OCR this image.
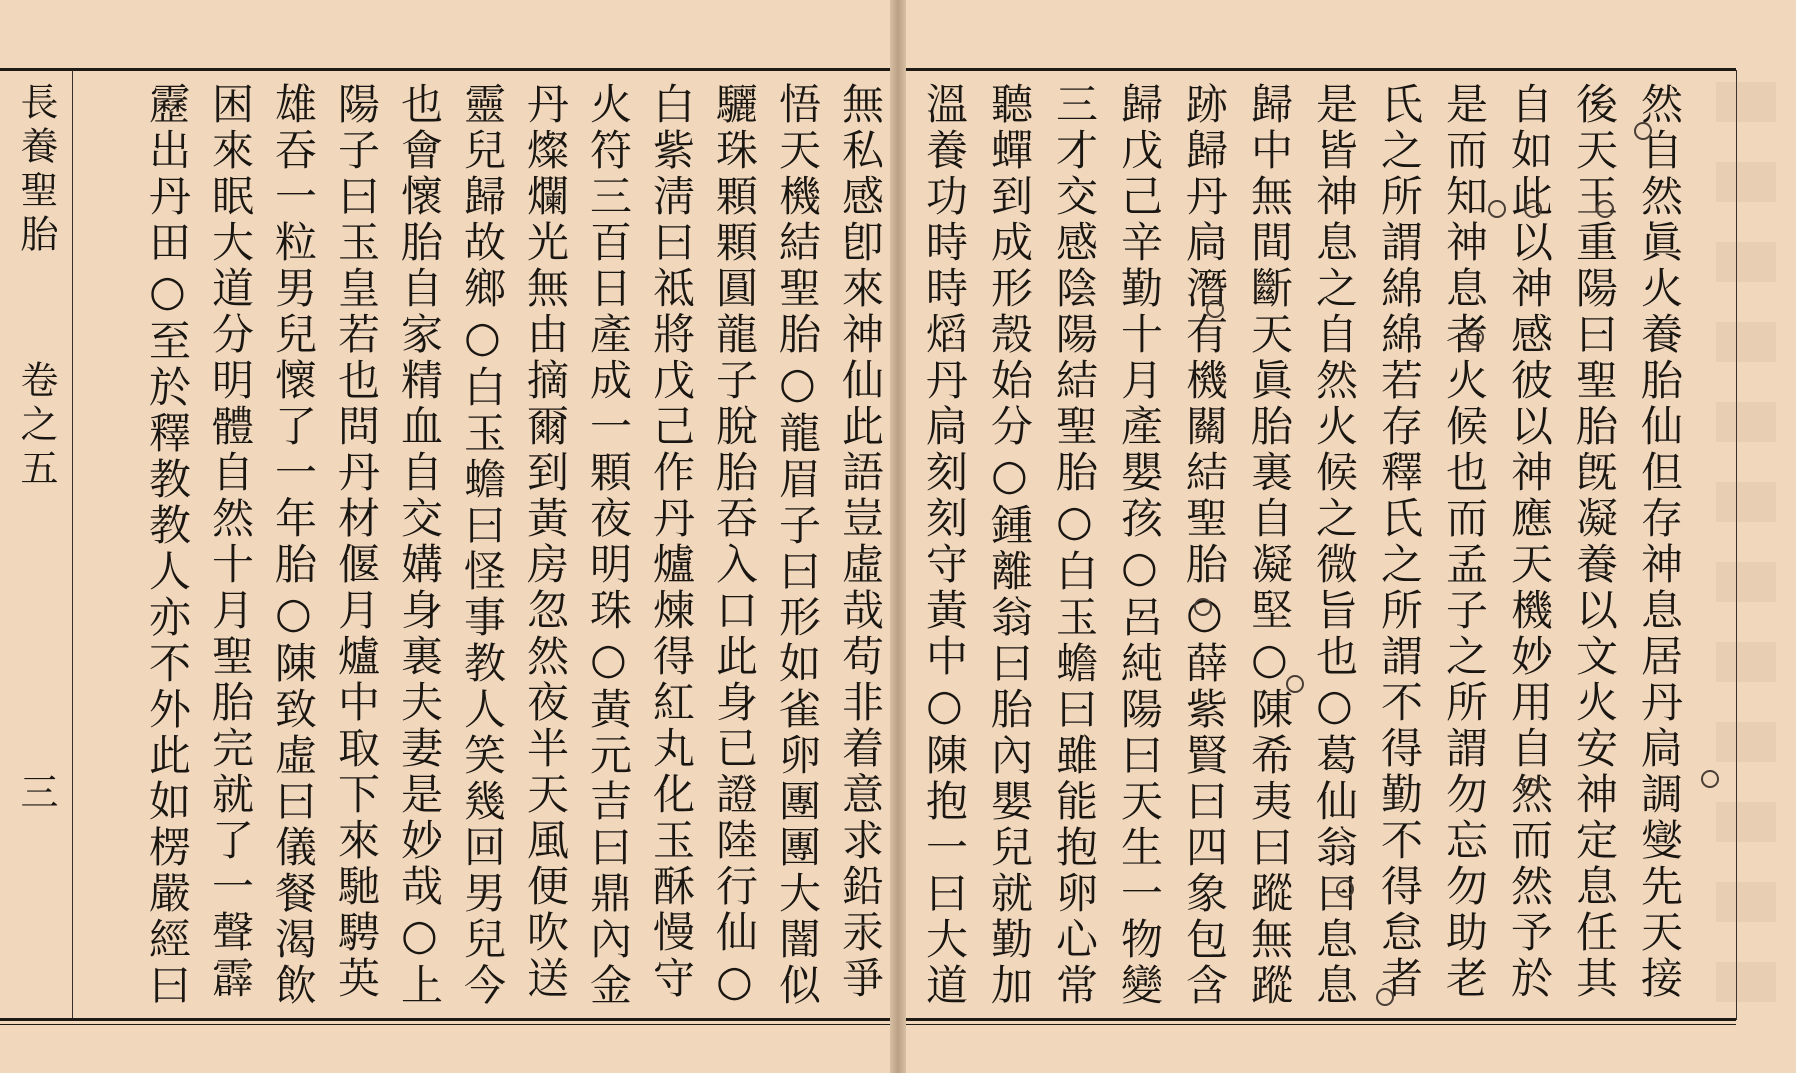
長養聖胎
卷之五
三	無私感卽來神仙此語豈虛哉苟非着意求鉛汞爭
悟天機結聖胎○龍眉子曰形如雀卵團團大闇似
驪珠顆顆圓龍子脫胎吞入口此身已證陸行仙○
白紫淸曰祗將戊己作丹爐煉得紅丸化玉酥慢守
火符三百日產成一顆夜明珠○黃元吉曰鼎內金
丹燦爛光無由摘爾到黃房忽然夜半天風便吹送
靈兒歸故鄉○白玉蟾曰怪事教人笑幾回男兒今
也會懷胎自家精血自交媾身裏夫妻是妙哉○上
陽子曰玉皇若也問丹材偃月爐中取下來馳騁英
雄吞一粒男兒懷了一年胎○陳致虛曰儀餐渴飲
困來眠大道分明體自然十月聖胎完就了一聲霹
靂出丹田○至於釋教教人亦不外此如楞嚴經曰	溫養功時時熖丹扃刻刻守黃中○陳抱一曰大道 聽蟬到成形殼始分○鍾離翁曰胎內嬰兒就勤加 三才交感陰陽結聖胎○白玉蟾曰雖能抱卵心常 歸戊己辛勤十月產嬰孩○呂純陽曰天生一物變 跡歸丹扃潛有機關結聖胎○薛紫賢曰四象包含 歸中無間斷天眞胎裏自凝堅○陳希夷曰蹤無蹤 是皆神息之自然火候之微旨也○葛仙翁曰息息 氏之所謂綿綿若存釋氏之所謂不得勤不得怠者 是而知神息者火候也而孟子之所謂勿忘勿助老 自如此以神感彼以神應天機妙用自然而然予於 後天王重陽曰聖胎旣凝養以文火安神定息任其 然自然眞火養胎仙但存神息居丹扃調燮先天接
